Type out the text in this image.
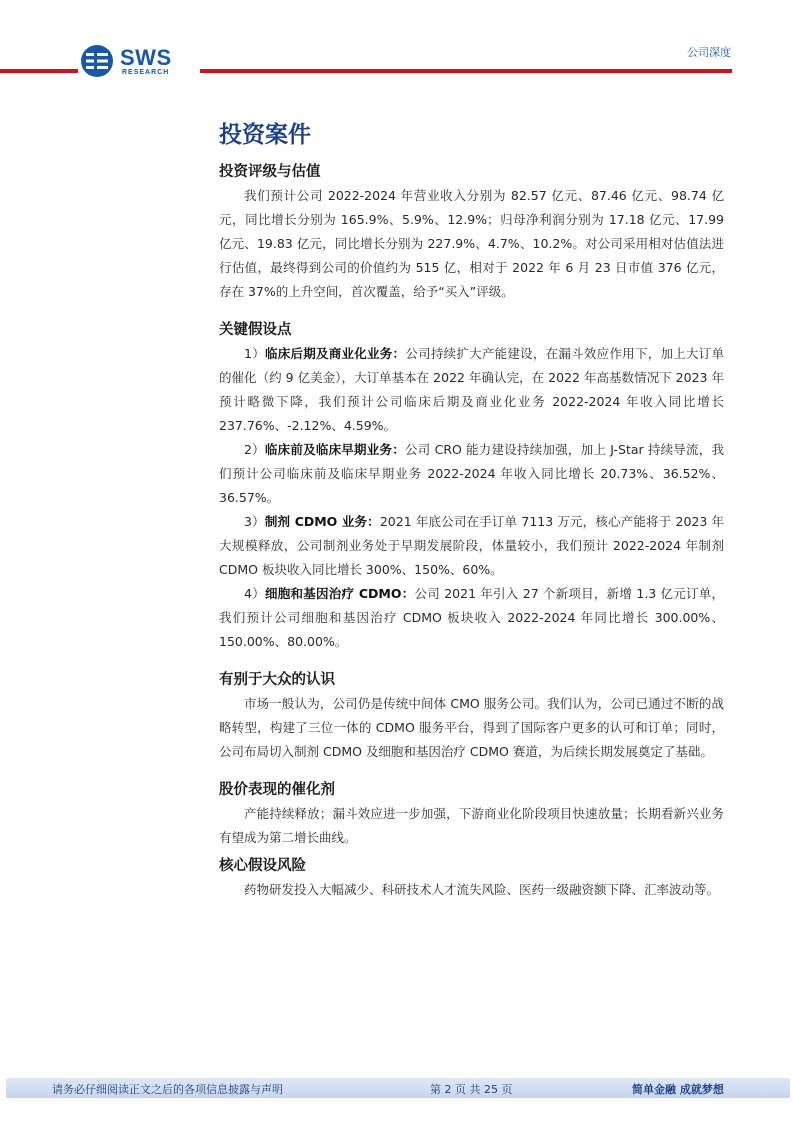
SWS
RESEARCH
公司深度
投资案件
投资评级与估值

我们预计公司 2022-2024 年营业收入分别为 82.57 亿元、87.46 亿元、98.74 亿元，同比增长分别为 165.9%、5.9%、12.9%；归母净利润分别为 17.18 亿元、17.99 亿元、19.83 亿元，同比增长分别为 227.9%、4.7%、10.2%。对公司采用相对估值法进行估值，最终得到公司的价值约为 515 亿，相对于 2022 年 6 月 23 日市值 376 亿元，存在 37%的上升空间，首次覆盖，给予“买入”评级。

关键假设点

1）临床后期及商业化业务：公司持续扩大产能建设，在漏斗效应作用下，加上大订单的催化（约 9 亿美金），大订单基本在 2022 年确认完，在 2022 年高基数情况下 2023 年预计略微下降，我们预计公司临床后期及商业化业务 2022-2024 年收入同比增长 237.76%、-2.12%、4.59%。

2）临床前及临床早期业务：公司 CRO 能力建设持续加强，加上 J-Star 持续导流，我们预计公司临床前及临床早期业务 2022-2024 年收入同比增长 20.73%、36.52%、36.57%。

3）制剂 CDMO 业务：2021 年底公司在手订单 7113 万元，核心产能将于 2023 年大规模释放，公司制剂业务处于早期发展阶段，体量较小，我们预计 2022-2024 年制剂 CDMO 板块收入同比增长 300%、150%、60%。

4）细胞和基因治疗 CDMO：公司 2021 年引入 27 个新项目，新增 1.3 亿元订单，我们预计公司细胞和基因治疗 CDMO 板块收入 2022-2024 年同比增长 300.00%、150.00%、80.00%。

有别于大众的认识

市场一般认为，公司仍是传统中间体 CMO 服务公司。我们认为，公司已通过不断的战略转型，构建了三位一体的 CDMO 服务平台，得到了国际客户更多的认可和订单；同时，公司布局切入制剂 CDMO 及细胞和基因治疗 CDMO 赛道，为后续长期发展奠定了基础。

股价表现的催化剂

产能持续释放；漏斗效应进一步加强，下游商业化阶段项目快速放量；长期看新兴业务有望成为第二增长曲线。

核心假设风险

药物研发投入大幅减少、科研技术人才流失风险、医药一级融资额下降、汇率波动等。

请务必仔细阅读正文之后的各项信息披露与声明	第 2 页 共 25 页	简单金融 成就梦想
